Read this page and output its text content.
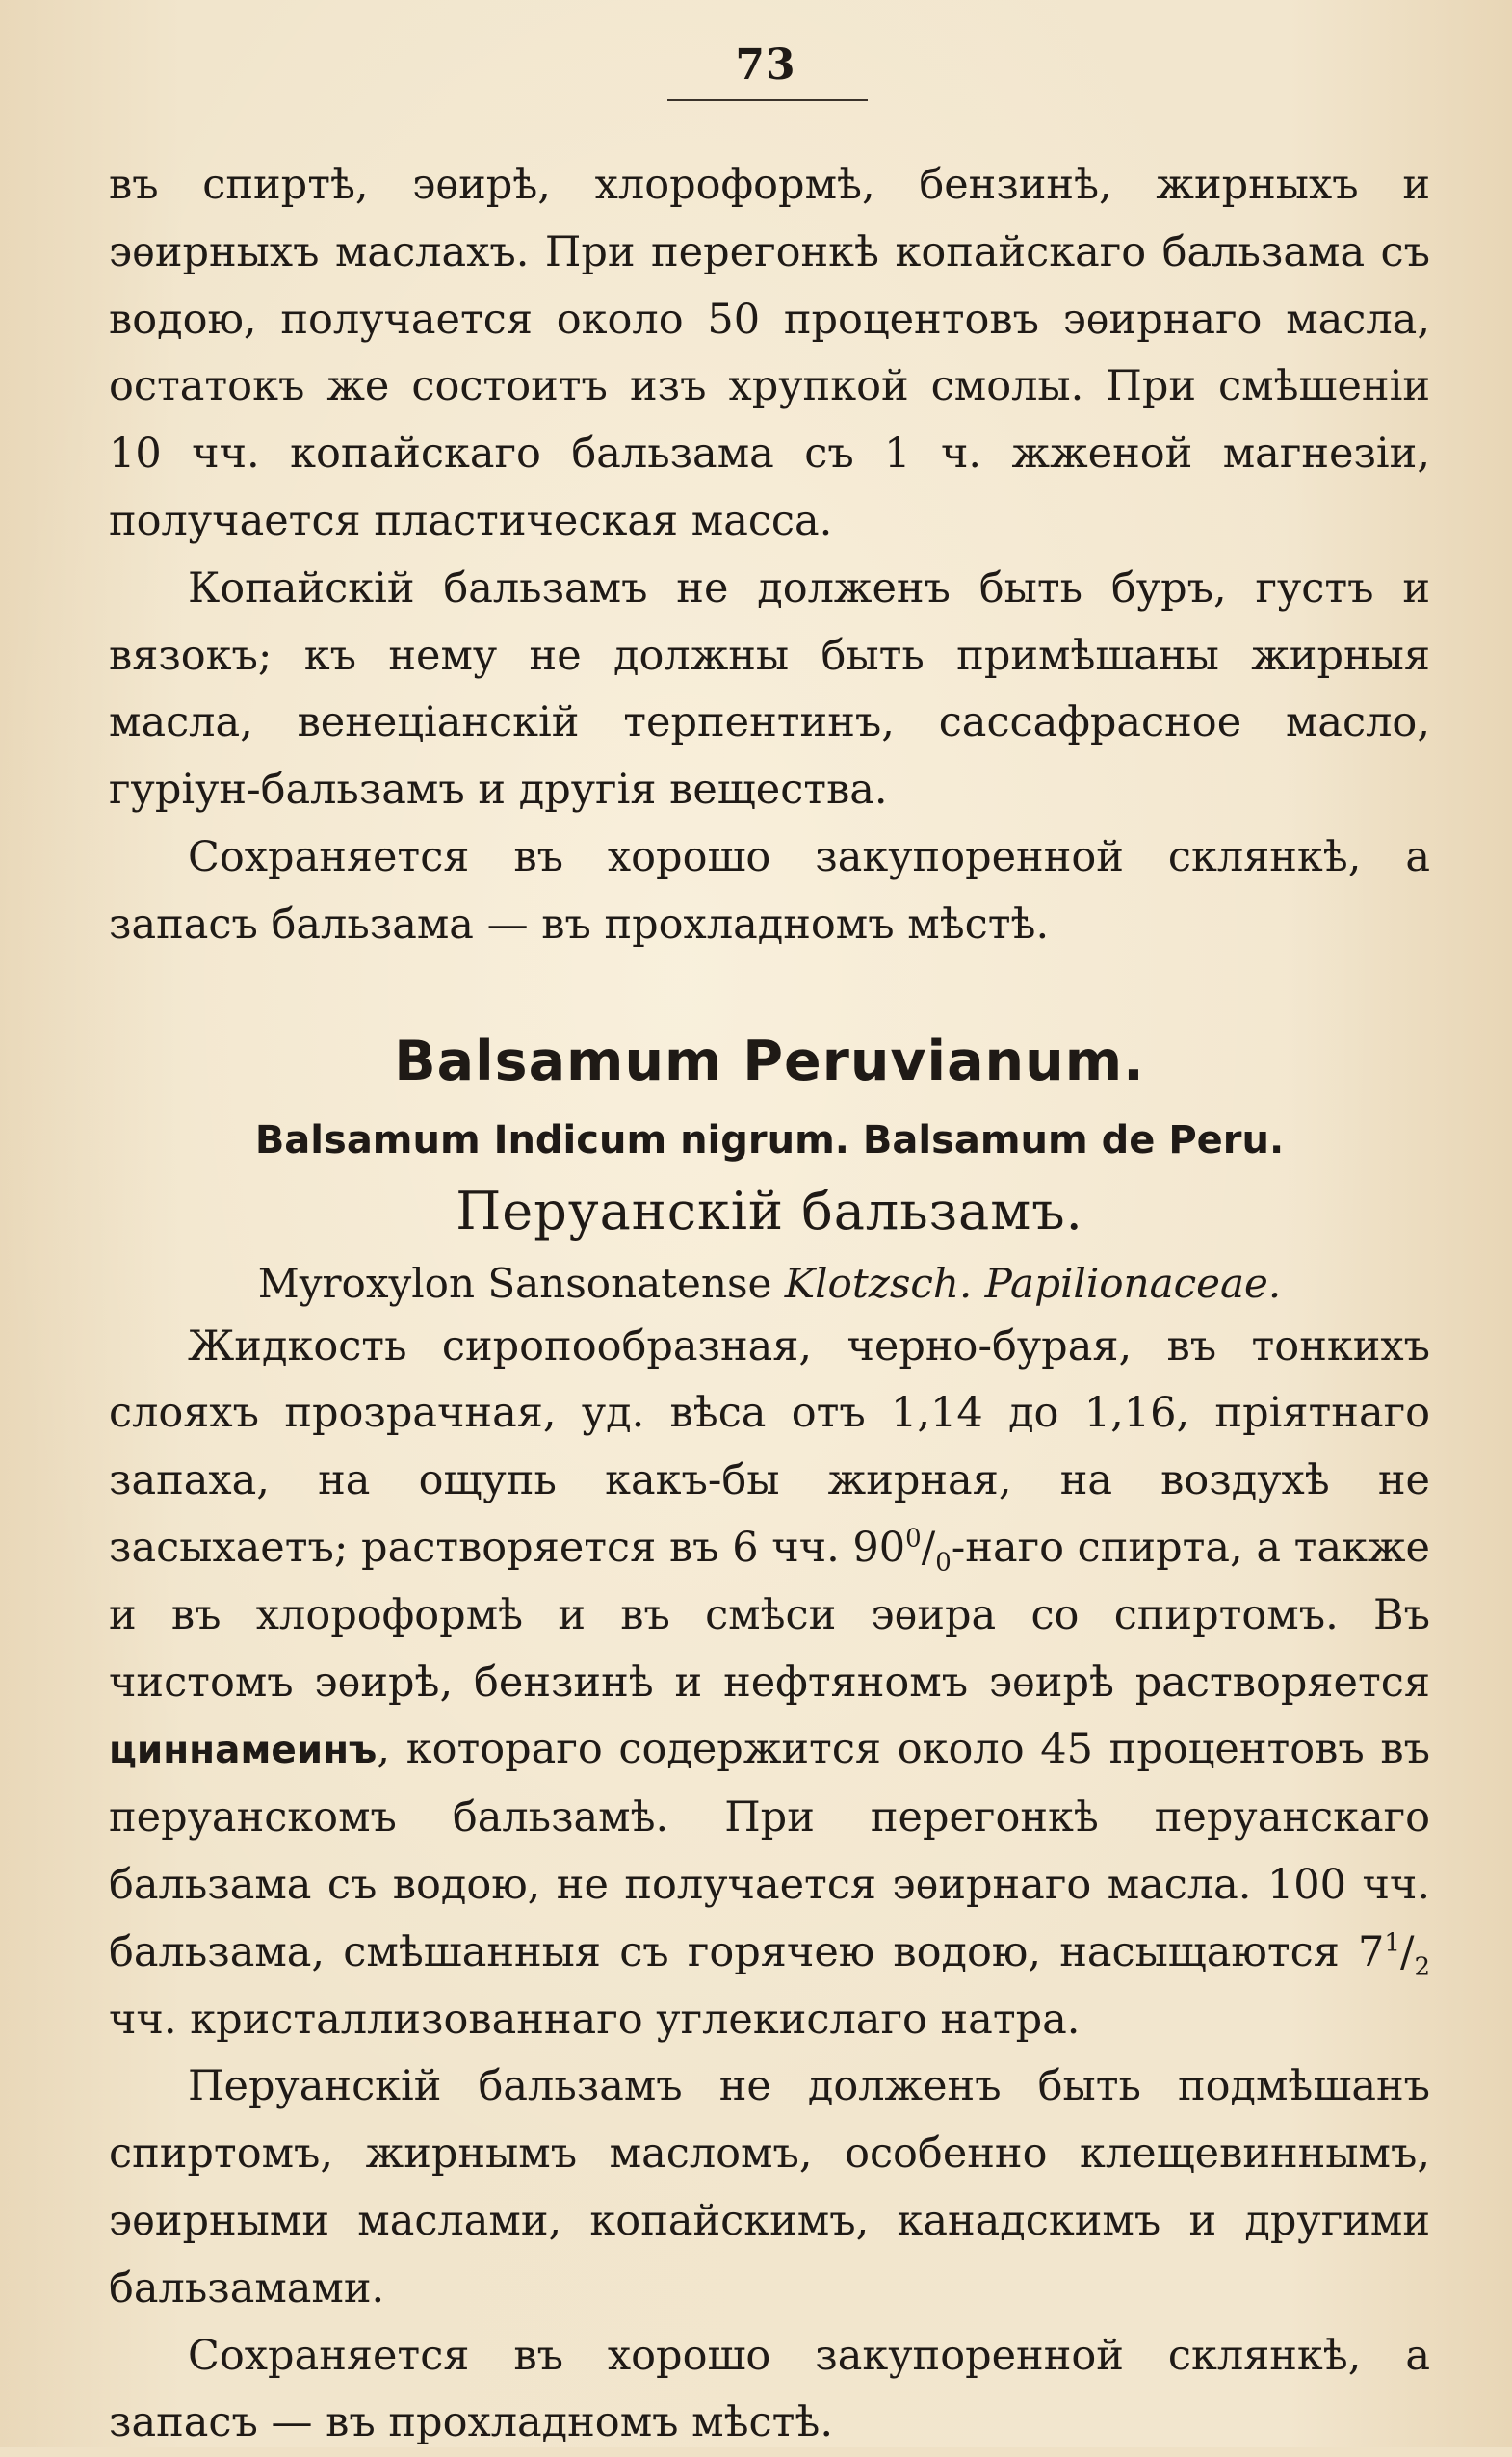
73

въ спиртѣ, эѳирѣ, хлороформѣ, бензинѣ, жирныхъ и эѳирныхъ маслахъ. При перегонкѣ копайскаго бальзама съ водою, получается около 50 процентовъ эѳирнаго масла, остатокъ же состоитъ изъ хрупкой смолы. При смѣшеніи 10 чч. копайскаго бальзама съ 1 ч. жженой магнезіи, получается пластическая масса.

Копайскій бальзамъ не долженъ быть буръ, густъ и вязокъ; къ нему не должны быть примѣшаны жирныя масла, венеціанскій терпентинъ, сассафрасное масло, гуріун-бальзамъ и другія вещества.

Сохраняется въ хорошо закупоренной склянкѣ, а запасъ бальзама — въ прохладномъ мѣстѣ.

Balsamum Peruvianum.
Balsamum Indicum nigrum. Balsamum de Peru.
Перуанскій бальзамъ.
Myroxylon Sansonatense Klotzsch. Papilionaceae.

Жидкость сиропообразная, черно-бурая, въ тонкихъ слояхъ прозрачная, уд. вѣса отъ 1,14 до 1,16, пріятнаго запаха, на ощупь какъ-бы жирная, на воздухѣ не засыхаетъ; растворяется въ 6 чч. $90^0/_0$-наго спирта, а также и въ хлороформѣ и въ смѣси эѳира со спиртомъ. Въ чистомъ эѳирѣ, бензинѣ и нефтяномъ эѳирѣ растворяется циннамеинъ, котораго содержится около 45 процентовъ въ перуанскомъ бальзамѣ. При перегонкѣ перуанскаго бальзама съ водою, не получается эѳирнаго масла. 100 чч. бальзама, смѣшанныя съ горячею водою, насыщаются $7^1/_2$ чч. кристаллизованнаго углекислаго натра.

Перуанскій бальзамъ не долженъ быть подмѣшанъ спиртомъ, жирнымъ масломъ, особенно клещевиннымъ, эѳирными маслами, копайскимъ, канадскимъ и другими бальзамами.

Сохраняется въ хорошо закупоренной склянкѣ, а запасъ — въ прохладномъ мѣстѣ.
